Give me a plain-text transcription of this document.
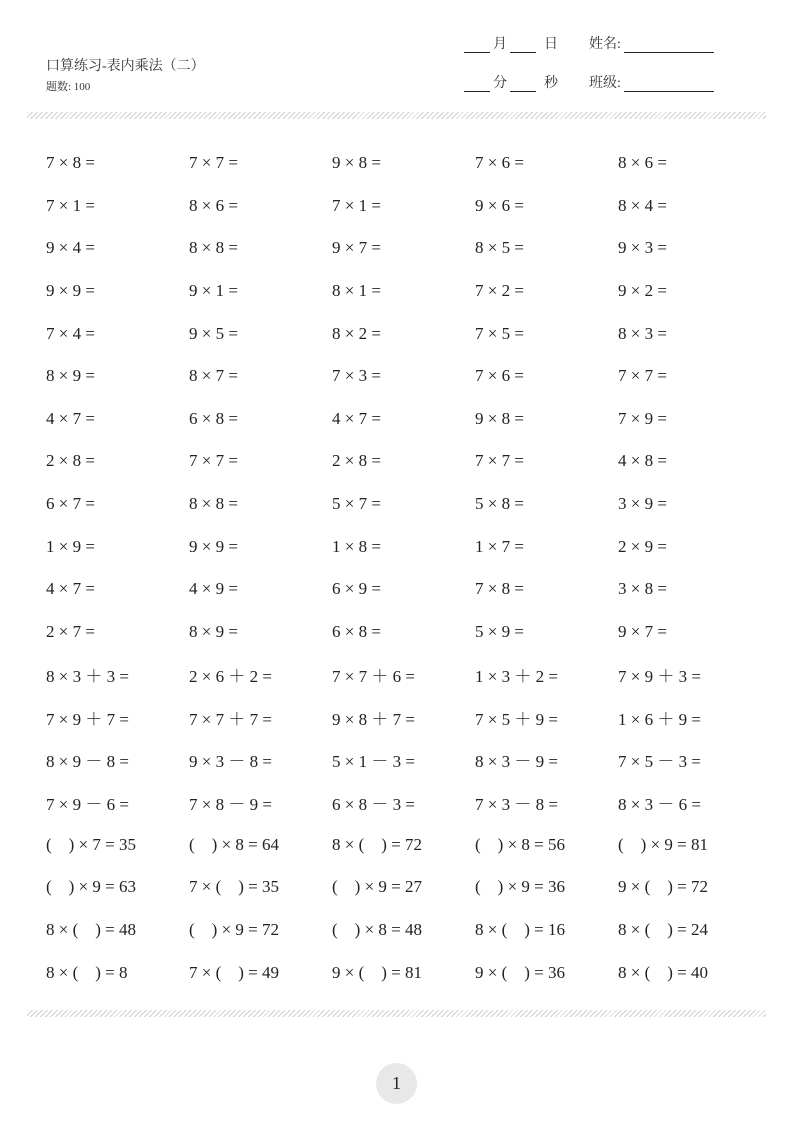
口算练习-表内乘法（二）
题数: 100
月	日 姓名:
分	秒 班级:
7 × 8 =	7 × 7 =	9 × 8 =	7 × 6 =	8 × 6 =
7 × 1 =	8 × 6 =	7 × 1 =	9 × 6 =	8 × 4 =
9 × 4 =	8 × 8 =	9 × 7 =	8 × 5 =	9 × 3 =
9 × 9 =	9 × 1 =	8 × 1 =	7 × 2 =	9 × 2 =
7 × 4 =	9 × 5 =	8 × 2 =	7 × 5 =	8 × 3 =
8 × 9 =	8 × 7 =	7 × 3 =	7 × 6 =	7 × 7 =
4 × 7 =	6 × 8 =	4 × 7 =	9 × 8 =	7 × 9 =
2 × 8 =	7 × 7 =	2 × 8 =	7 × 7 =	4 × 8 =
6 × 7 =	8 × 8 =	5 × 7 =	5 × 8 =	3 × 9 =
1 × 9 =	9 × 9 =	1 × 8 =	1 × 7 =	2 × 9 =
4 × 7 =	4 × 9 =	6 × 9 =	7 × 8 =	3 × 8 =
2 × 7 =	8 × 9 =	6 × 8 =	5 × 9 =	9 × 7 =
8 × 3 ＋ 3 =	2 × 6 ＋ 2 =	7 × 7 ＋ 6 =	1 × 3 ＋ 2 =	7 × 9 ＋ 3 =
7 × 9 ＋ 7 =	7 × 7 ＋ 7 =	9 × 8 ＋ 7 =	7 × 5 ＋ 9 =	1 × 6 ＋ 9 =
8 × 9 － 8 =	9 × 3 － 8 =	5 × 1 － 3 =	8 × 3 － 9 =	7 × 5 － 3 =
7 × 9 － 6 =	7 × 8 － 9 =	6 × 8 － 3 =	7 × 3 － 8 =	8 × 3 － 6 =
(    ) × 7 = 35	(    ) × 8 = 64	8 × (    ) = 72	(    ) × 8 = 56	(    ) × 9 = 81
(    ) × 9 = 63	7 × (    ) = 35	(    ) × 9 = 27	(    ) × 9 = 36	9 × (    ) = 72
8 × (    ) = 48	(    ) × 9 = 72	(    ) × 8 = 48	8 × (    ) = 16	8 × (    ) = 24
8 × (    ) = 8	7 × (    ) = 49	9 × (    ) = 81	9 × (    ) = 36	8 × (    ) = 40
1
